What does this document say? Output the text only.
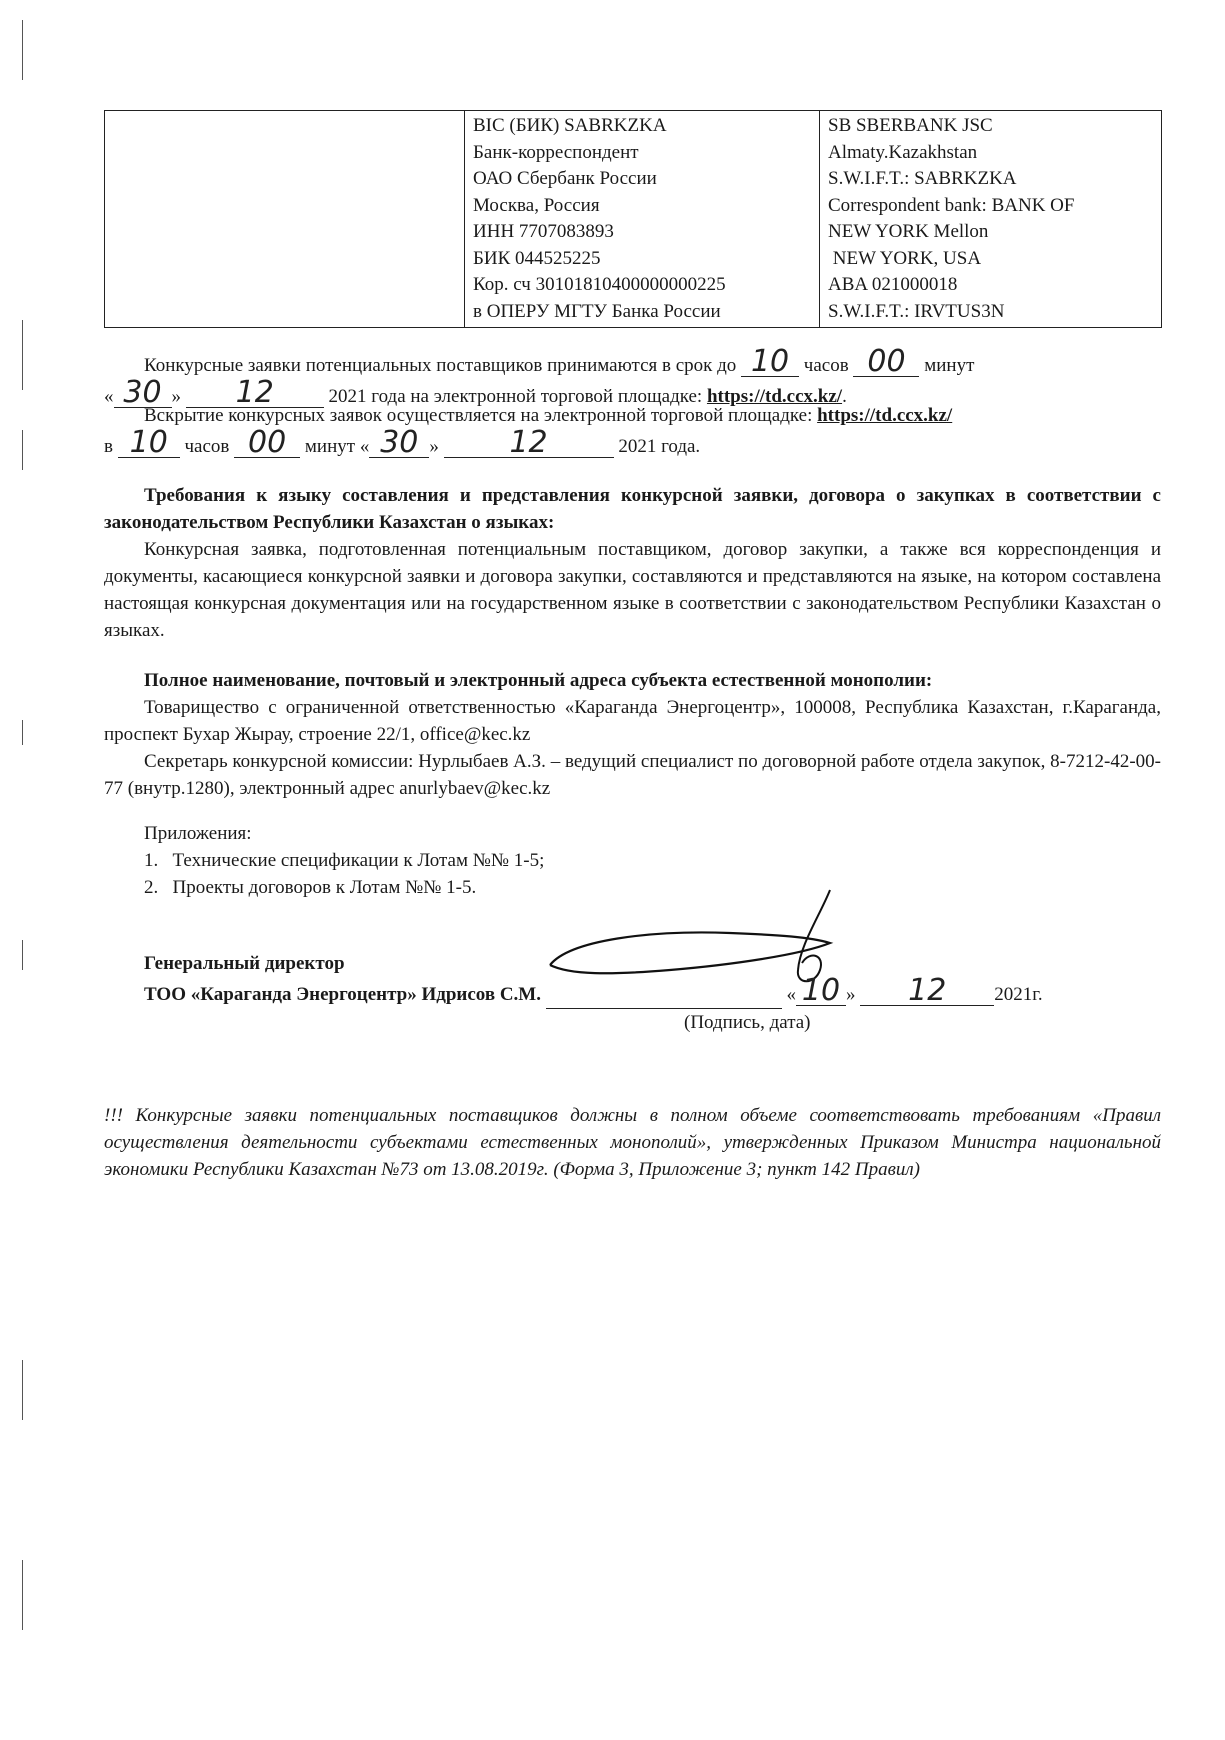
BIC (БИК) SABRKZKA
Банк-корреспондент
ОАО Сбербанк России
Москва, Россия
ИНН 7707083893
БИК 044525225
Кор. сч 30101810400000000225
в ОПЕРУ МГТУ Банка России

SB SBERBANK JSC
Almaty.Kazakhstan
S.W.I.F.T.: SABRKZKA
Correspondent bank: BANK OF
NEW YORK Mellon
NEW YORK, USA
ABA 021000018
S.W.I.F.T.: IRVTUS3N
Конкурсные заявки потенциальных поставщиков принимаются в срок до 10 часов 00 минут
« 30 » 12	2021 года на электронной торговой площадке: https://td.ccx.kz/.
Вскрытие конкурсных заявок осуществляется на электронной торговой площадке: https://td.ccx.kz/
в 10 часов 00 минут « 30 » 12	2021 года.

Требования к языку составления и представления конкурсной заявки, договора о закупках в соответствии с законодательством Республики Казахстан о языках:

Конкурсная заявка, подготовленная потенциальным поставщиком, договор закупки, а также вся корреспонденция и документы, касающиеся конкурсной заявки и договора закупки, составляются и представляются на языке, на котором составлена настоящая конкурсная документация или на государственном языке в соответствии с законодательством Республики Казахстан о языках.

Полное наименование, почтовый и электронный адреса субъекта естественной монополии:

Товарищество с ограниченной ответственностью «Караганда Энергоцентр», 100008, Республика Казахстан, г.Караганда, проспект Бухар Жырау, строение 22/1, office@kec.kz

Секретарь конкурсной комиссии: Нурлыбаев А.З. – ведущий специалист по договорной работе отдела закупок, 8-7212-42-00-77 (внутр.1280), электронный адрес anurlybaev@kec.kz

Приложения:
1.   Технические спецификации к Лотам №№ 1-5;
2.   Проекты договоров к Лотам №№ 1-5.
Генеральный директор
ТОО «Караганда Энергоцентр» Идрисов С.М.	« 10 » 12	2021г.
(Подпись, дата)

!!! Конкурсные заявки потенциальных поставщиков должны в полном объеме соответствовать требованиям «Правил осуществления деятельности субъектами естественных монополий», утвержденных Приказом Министра национальной экономики Республики Казахстан №73 от 13.08.2019г. (Форма 3, Приложение 3; пункт 142 Правил)
